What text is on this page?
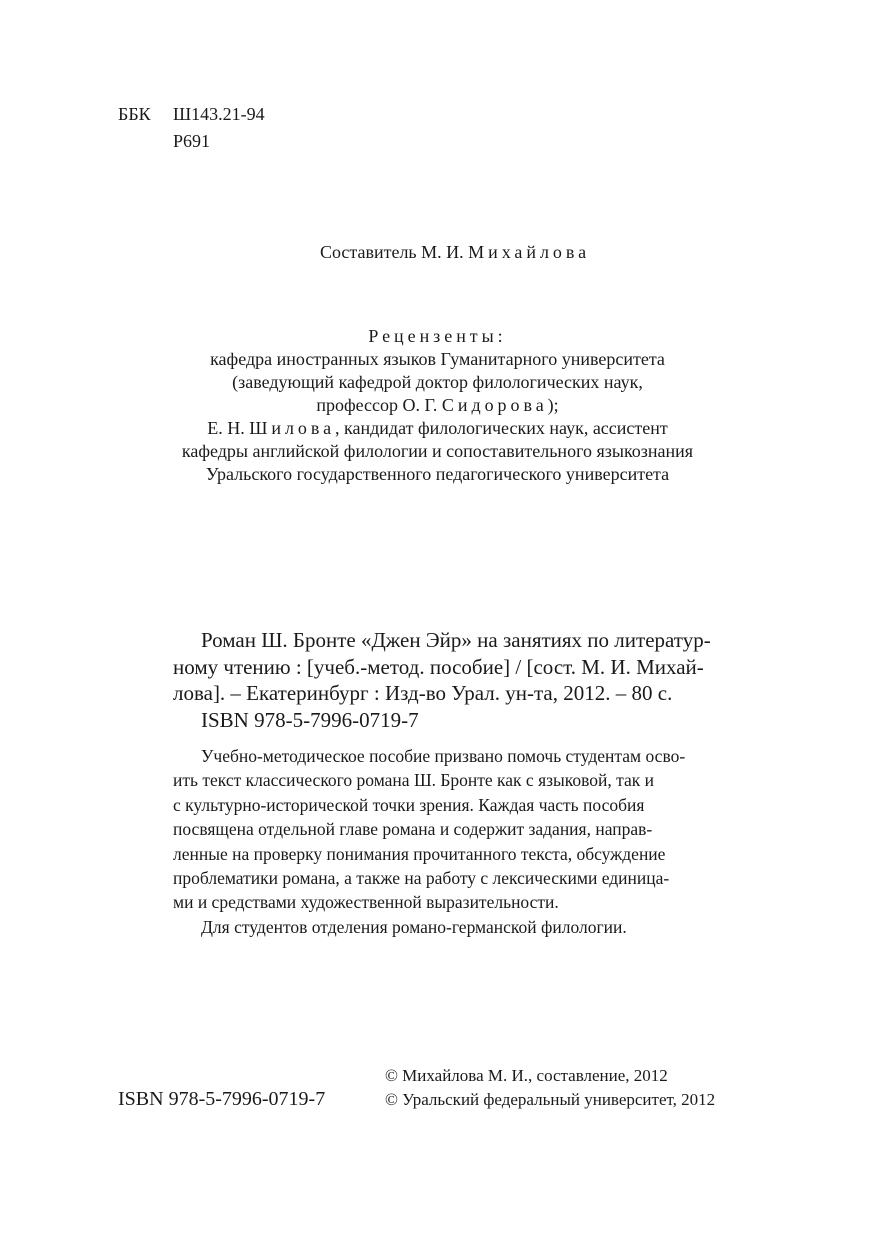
ББК Ш143.21-94
Р691
Составитель М. И. Михайлова
Рецензенты:
кафедра иностранных языков Гуманитарного университета
(заведующий кафедрой доктор филологических наук,
профессор О. Г. Сидорова);
Е. Н. Шилова, кандидат филологических наук, ассистент
кафедры английской филологии и сопоставительного языкознания
Уральского государственного педагогического университета
Роман Ш. Бронте «Джен Эйр» на занятиях по литератур-
ному чтению : [учеб.-метод. пособие] / [сост. М. И. Михай-
лова]. – Екатеринбург : Изд-во Урал. ун-та, 2012. – 80 с.
ISBN 978-5-7996-0719-7
Учебно-методическое пособие призвано помочь студентам осво-
ить текст классического романа Ш. Бронте как с языковой, так и
с культурно-исторической точки зрения. Каждая часть пособия
посвящена отдельной главе романа и содержит задания, направ-
ленные на проверку понимания прочитанного текста, обсуждение
проблематики романа, а также на работу с лексическими единица-
ми и средствами художественной выразительности.
Для студентов отделения романо-германской филологии.
© Михайлова М. И., составление, 2012
ISBN 978-5-7996-0719-7	© Уральский федеральный университет, 2012
